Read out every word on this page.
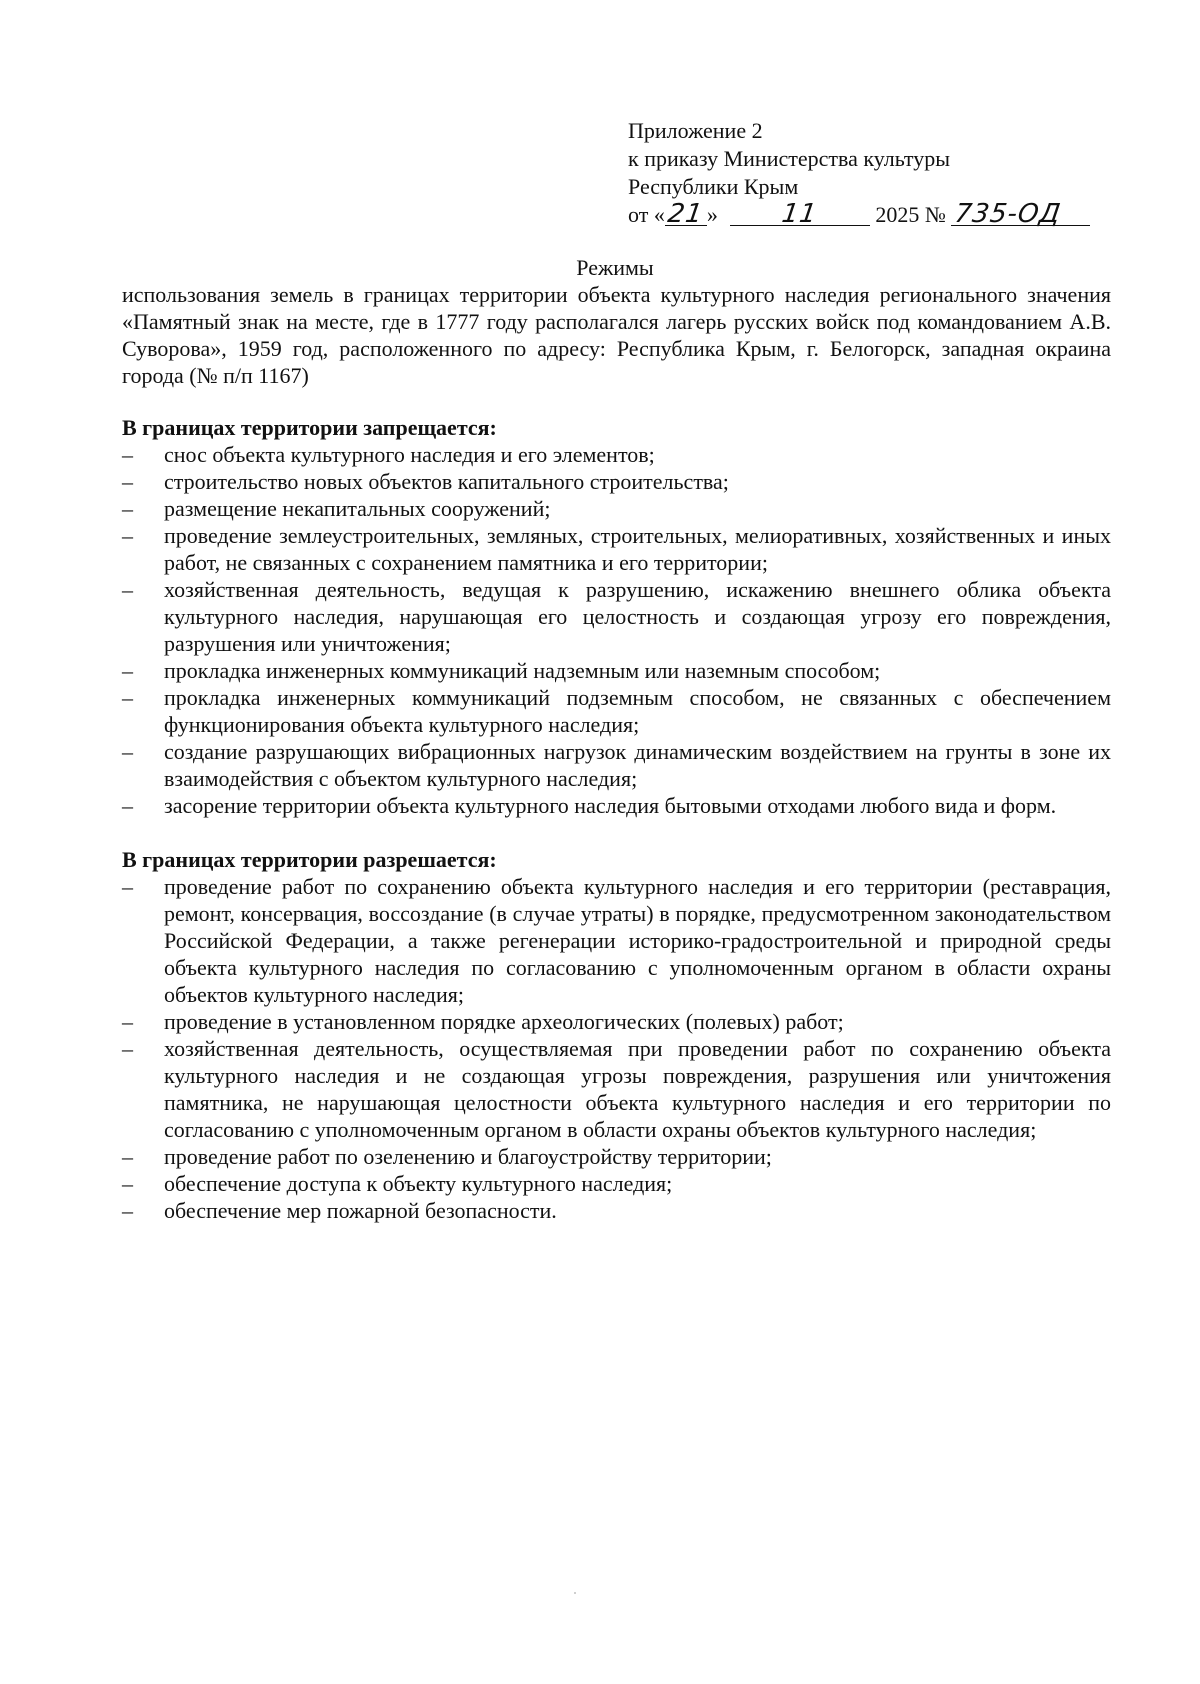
Приложение 2
к приказу Министерства культуры
Республики Крым
от «21» 11	2025 № 735-ОД
Режимы

использования земель в границах территории объекта культурного наследия регионального значения «Памятный знак на месте, где в 1777 году располагался лагерь русских войск под командованием А.В. Суворова», 1959 год, расположенного по адресу: Республика Крым, г. Белогорск, западная окраина города (№ п/п 1167)

В границах территории запрещается:

– снос объекта культурного наследия и его элементов;
– строительство новых объектов капитального строительства;
– размещение некапитальных сооружений;
– проведение землеустроительных, земляных, строительных, мелиоративных, хозяйственных и иных работ, не связанных с сохранением памятника и его территории;
– хозяйственная деятельность, ведущая к разрушению, искажению внешнего облика объекта культурного наследия, нарушающая его целостность и создающая угрозу его повреждения, разрушения или уничтожения;
– прокладка инженерных коммуникаций надземным или наземным способом;
– прокладка инженерных коммуникаций подземным способом, не связанных с обеспечением функционирования объекта культурного наследия;
– создание разрушающих вибрационных нагрузок динамическим воздействием на грунты в зоне их взаимодействия с объектом культурного наследия;
– засорение территории объекта культурного наследия бытовыми отходами любого вида и форм.

В границах территории разрешается:

– проведение работ по сохранению объекта культурного наследия и его территории (реставрация, ремонт, консервация, воссоздание (в случае утраты) в порядке, предусмотренном законодательством Российской Федерации, а также регенерации историко-градостроительной и природной среды объекта культурного наследия по согласованию с уполномоченным органом в области охраны объектов культурного наследия;
– проведение в установленном порядке археологических (полевых) работ;
– хозяйственная деятельность, осуществляемая при проведении работ по сохранению объекта культурного наследия и не создающая угрозы повреждения, разрушения или уничтожения памятника, не нарушающая целостности объекта культурного наследия и его территории по согласованию с уполномоченным органом в области охраны объектов культурного наследия;
– проведение работ по озеленению и благоустройству территории;
– обеспечение доступа к объекту культурного наследия;
– обеспечение мер пожарной безопасности.
